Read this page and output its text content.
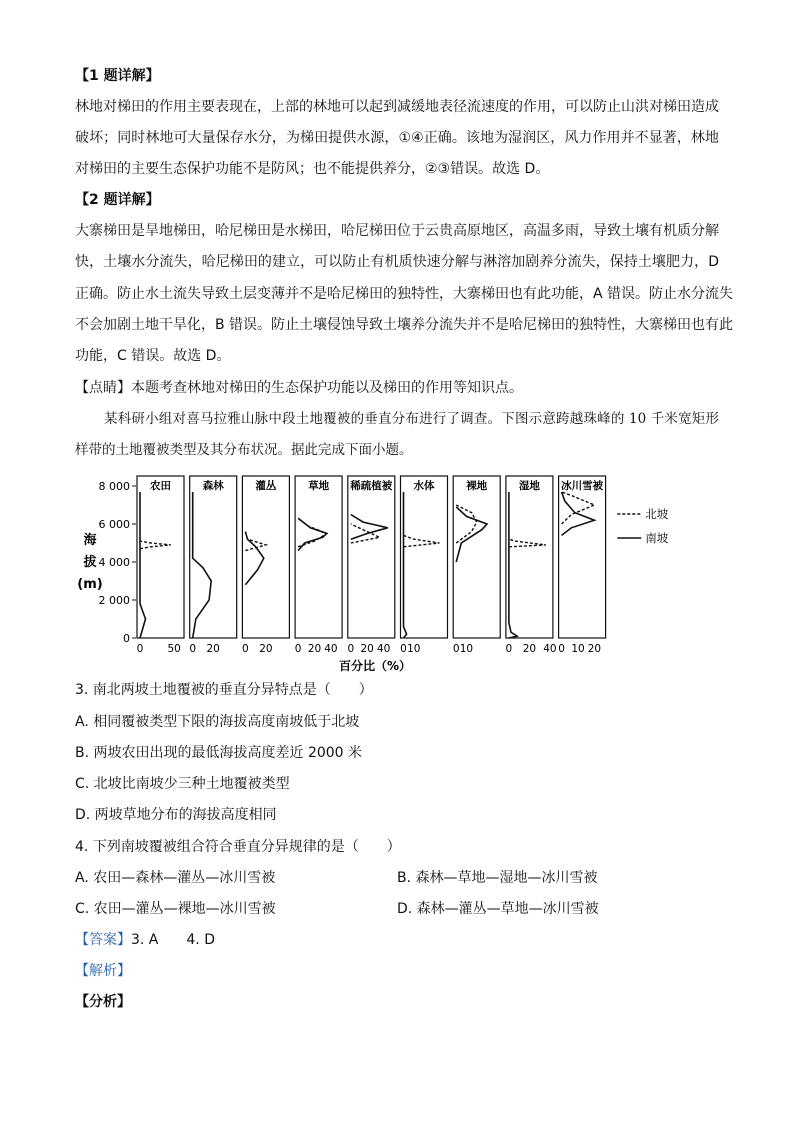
【1 题详解】
林地对梯田的作用主要表现在，上部的林地可以起到减缓地表径流速度的作用，可以防止山洪对梯田造成
破坏；同时林地可大量保存水分，为梯田提供水源，①④正确。该地为湿润区，风力作用并不显著，林地
对梯田的主要生态保护功能不是防风；也不能提供养分，②③错误。故选 D。
【2 题详解】
大寨梯田是旱地梯田，哈尼梯田是水梯田，哈尼梯田位于云贵高原地区，高温多雨，导致土壤有机质分解
快，土壤水分流失，哈尼梯田的建立，可以防止有机质快速分解与淋溶加剧养分流失，保持土壤肥力，D
正确。防止水土流失导致土层变薄并不是哈尼梯田的独特性，大寨梯田也有此功能，A 错误。防止水分流失
不会加剧土地干旱化，B 错误。防止土壤侵蚀导致土壤养分流失并不是哈尼梯田的独特性，大寨梯田也有此
功能，C 错误。故选 D。
【点睛】本题考查林地对梯田的生态保护功能以及梯田的作用等知识点。
某科研小组对喜马拉雅山脉中段土地覆被的垂直分布进行了调查。下图示意跨越珠峰的 10 千米宽矩形
样带的土地覆被类型及其分布状况。据此完成下面小题。
海
拔
(m)
0
2 000
4 000
6 000
8 000 农田
0 50
森林
0 20
灌丛
0 20
草地
0 20 40
稀疏植被
0 20 40
水体
0 10
裸地
0 10
湿地
0 20 40
冰川雪被
0 10 20
北坡
南坡
百分比（%）
3. 南北两坡土地覆被的垂直分异特点是（　　）
A. 相同覆被类型下限的海拔高度南坡低于北坡
B. 两坡农田出现的最低海拔高度差近 2000 米
C. 北坡比南坡少三种土地覆被类型
D. 两坡草地分布的海拔高度相同
4. 下列南坡覆被组合符合垂直分异规律的是（　　）
A. 农田—森林—灌丛—冰川雪被	B. 森林—草地—湿地—冰川雪被
C. 农田—灌丛—裸地—冰川雪被	D. 森林—灌丛—草地—冰川雪被
【答案】3. A　　4. D
【解析】
【分析】
